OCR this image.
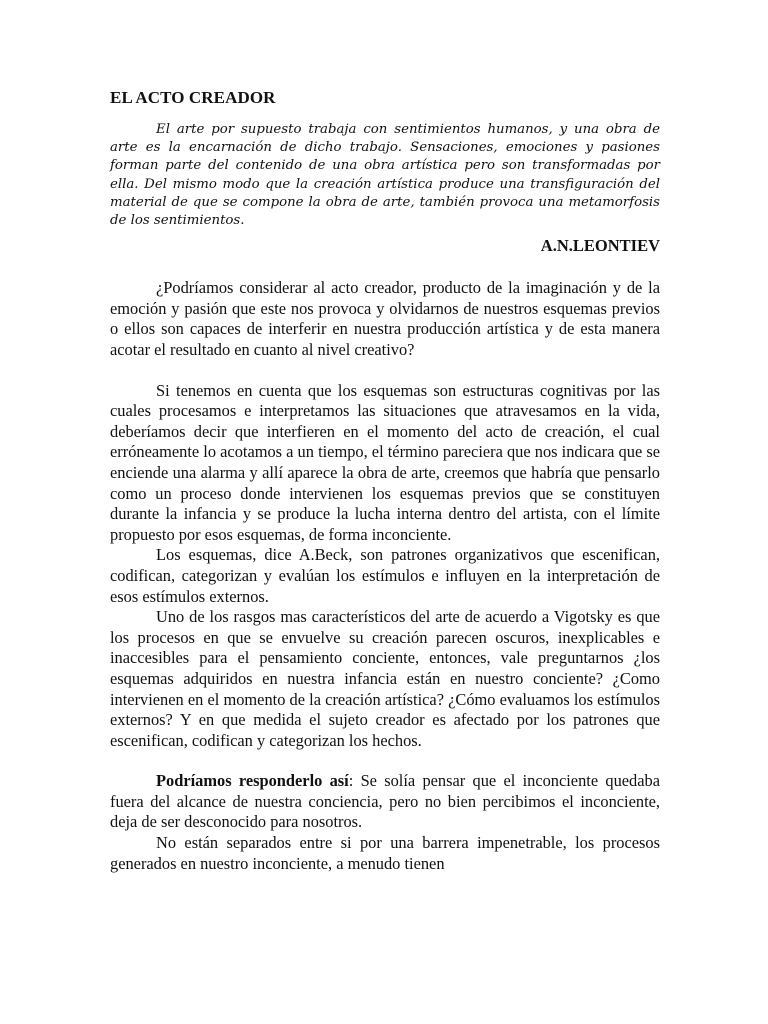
EL ACTO CREADOR

El arte por supuesto trabaja con sentimientos humanos, y una obra de arte es la encarnación de dicho trabajo. Sensaciones, emociones y pasiones forman parte del contenido de una obra artística pero son transformadas por ella. Del mismo modo que la creación artística produce una transfiguración del material de que se compone la obra de arte, también provoca una metamorfosis de los sentimientos.

A.N.LEONTIEV

¿Podríamos considerar al acto creador, producto de la imaginación y de la emoción y pasión que este nos provoca y olvidarnos de nuestros esquemas previos o ellos son capaces de interferir en nuestra producción artística y de esta manera acotar el resultado en cuanto al nivel creativo?

Si tenemos en cuenta que los esquemas son estructuras cognitivas por las cuales procesamos e interpretamos las situaciones que atravesamos en la vida, deberíamos decir que interfieren en el momento del acto de creación, el cual erróneamente lo acotamos a un tiempo, el término pareciera que nos indicara que se enciende una alarma y allí aparece la obra de arte, creemos que habría que pensarlo como un proceso donde intervienen los esquemas previos que se constituyen durante la infancia y se produce la lucha interna dentro del artista, con el límite propuesto por esos esquemas, de forma inconciente.

Los esquemas, dice A.Beck, son patrones organizativos que escenifican, codifican, categorizan y evalúan los estímulos e influyen en la interpretación de esos estímulos externos.

Uno de los rasgos mas característicos del arte de acuerdo a Vigotsky es que los procesos en que se envuelve su creación parecen oscuros, inexplicables e inaccesibles para el pensamiento conciente, entonces, vale preguntarnos ¿los esquemas adquiridos en nuestra infancia están en nuestro conciente? ¿Como intervienen en el momento de la creación artística? ¿Cómo evaluamos los estímulos externos? Y en que medida el sujeto creador es afectado por los patrones que escenifican, codifican y categorizan los hechos.

Podríamos responderlo así: Se solía pensar que el inconciente quedaba fuera del alcance de nuestra conciencia, pero no bien percibimos el inconciente, deja de ser desconocido para nosotros.

No están separados entre si por una barrera impenetrable, los procesos generados en nuestro inconciente, a menudo tienen
